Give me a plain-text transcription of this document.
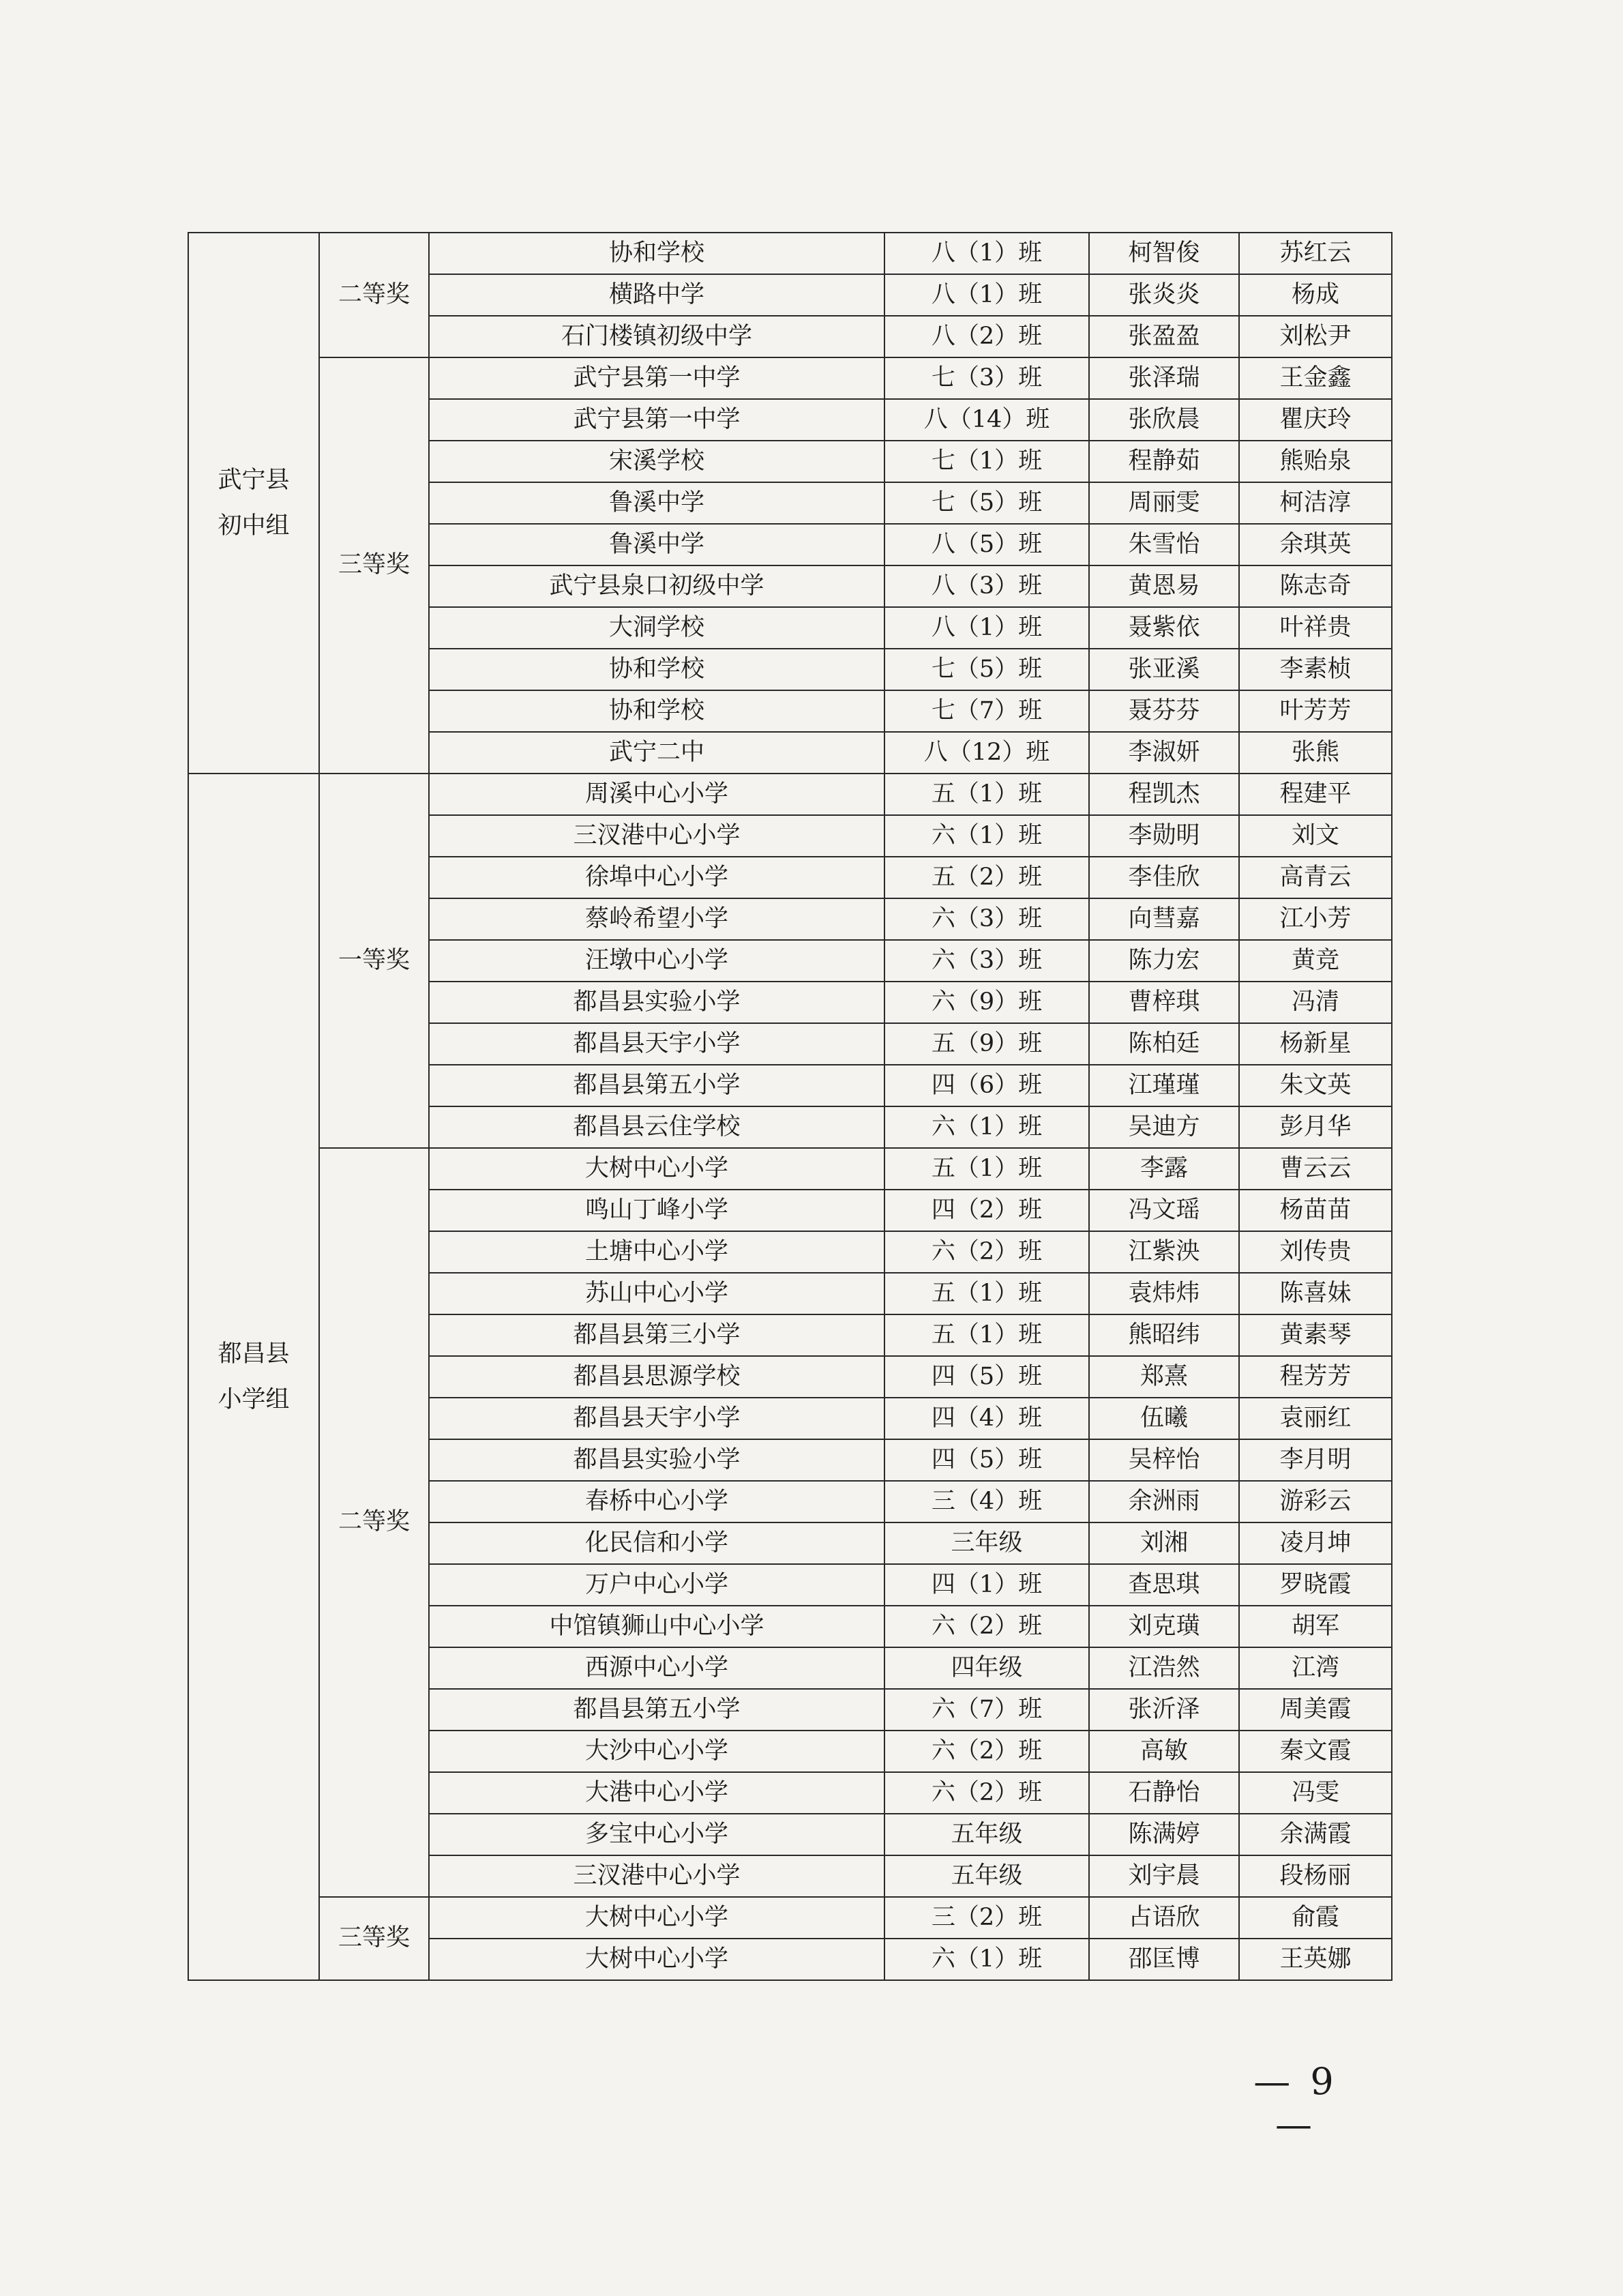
武宁县
初中组	二等奖	协和学校	八（1）班	柯智俊	苏红云
		横路中学	八（1）班	张炎炎	杨成
		石门楼镇初级中学	八（2）班	张盈盈	刘松尹
	三等奖	武宁县第一中学	七（3）班	张泽瑞	王金鑫
		武宁县第一中学	八（14）班	张欣晨	瞿庆玲
		宋溪学校	七（1）班	程静茹	熊贻泉
		鲁溪中学	七（5）班	周丽雯	柯洁淳
		鲁溪中学	八（5）班	朱雪怡	余琪英
		武宁县泉口初级中学	八（3）班	黄恩易	陈志奇
		大洞学校	八（1）班	聂紫依	叶祥贵
		协和学校	七（5）班	张亚溪	李素桢
		协和学校	七（7）班	聂芬芬	叶芳芳
		武宁二中	八（12）班	李淑妍	张熊

都昌县
小学组	一等奖	周溪中心小学	五（1）班	程凯杰	程建平
		三汊港中心小学	六（1）班	李勋明	刘文
		徐埠中心小学	五（2）班	李佳欣	高青云
		蔡岭希望小学	六（3）班	向彗嘉	江小芳
		汪墩中心小学	六（3）班	陈力宏	黄竞
		都昌县实验小学	六（9）班	曹梓琪	冯清
		都昌县天宇小学	五（9）班	陈柏廷	杨新星
		都昌县第五小学	四（6）班	江瑾瑾	朱文英
		都昌县云住学校	六（1）班	吴迪方	彭月华
	二等奖	大树中心小学	五（1）班	李露	曹云云
		鸣山丁峰小学	四（2）班	冯文瑶	杨苗苗
		土塘中心小学	六（2）班	江紫泱	刘传贵
		苏山中心小学	五（1）班	袁炜炜	陈喜妹
		都昌县第三小学	五（1）班	熊昭纬	黄素琴
		都昌县思源学校	四（5）班	郑熹	程芳芳
		都昌县天宇小学	四（4）班	伍曦	袁丽红
		都昌县实验小学	四（5）班	吴梓怡	李月明
		春桥中心小学	三（4）班	余洲雨	游彩云
		化民信和小学	三年级	刘湘	凌月坤
		万户中心小学	四（1）班	查思琪	罗晓霞
		中馆镇狮山中心小学	六（2）班	刘克璜	胡军
		西源中心小学	四年级	江浩然	江湾
		都昌县第五小学	六（7）班	张沂泽	周美霞
		大沙中心小学	六（2）班	高敏	秦文霞
		大港中心小学	六（2）班	石静怡	冯雯
		多宝中心小学	五年级	陈满婷	余满霞
		三汊港中心小学	五年级	刘宇晨	段杨丽
	三等奖	大树中心小学	三（2）班	占语欣	俞霞
		大树中心小学	六（1）班	邵匡博	王英娜
— 9 —
